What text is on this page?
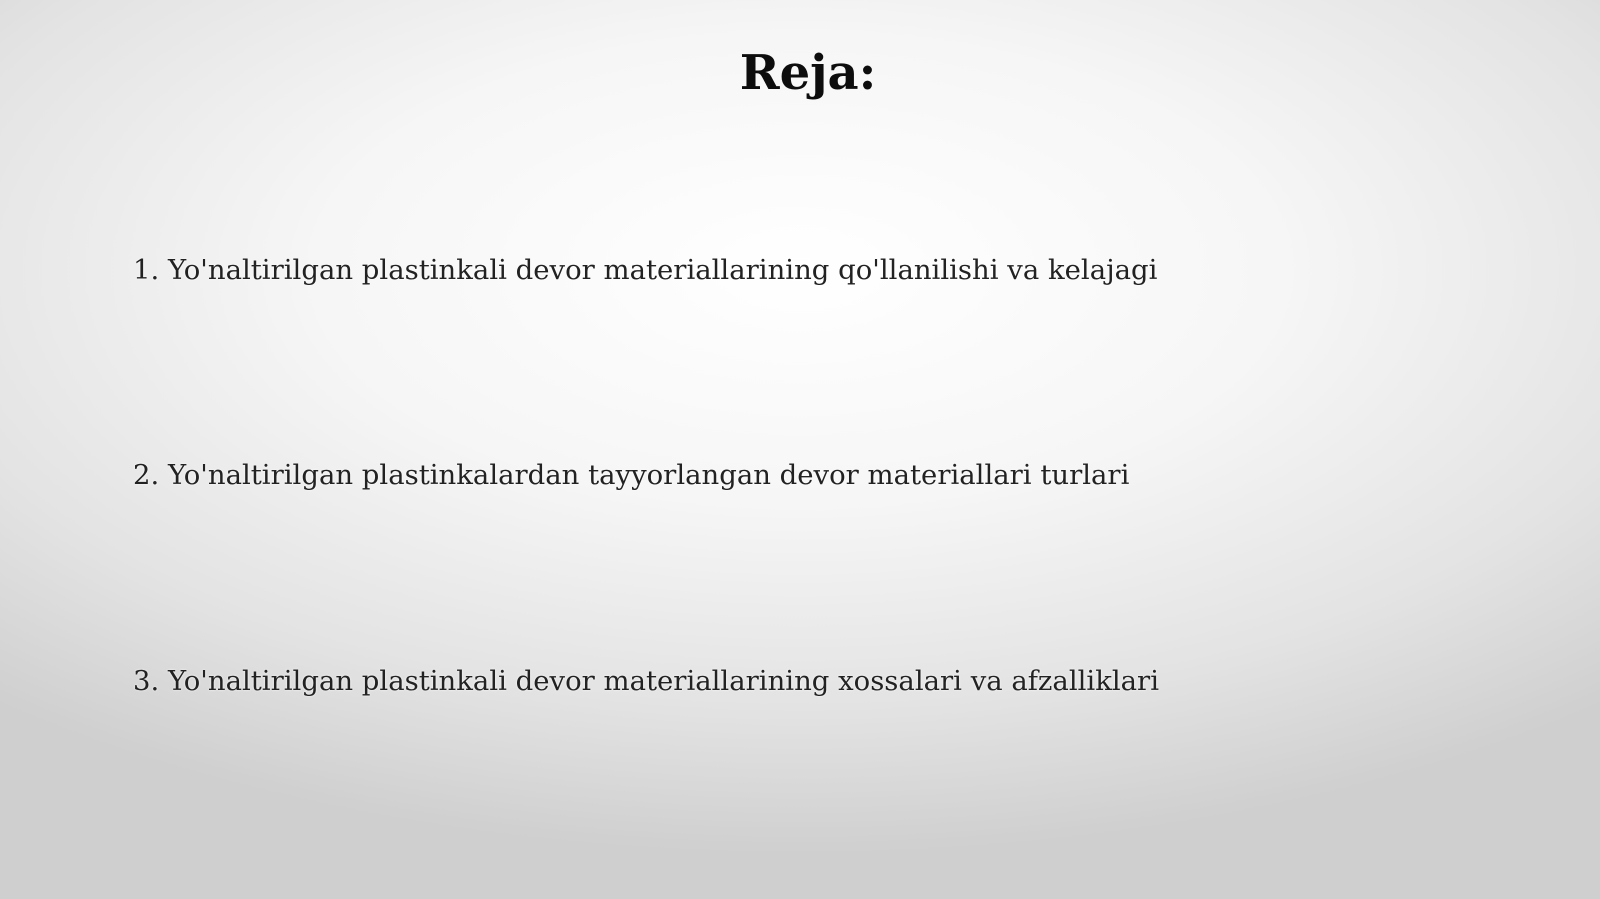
Reja:
1. Yo'naltirilgan plastinkali devor materiallarining qo'llanilishi va kelajagi
2. Yo'naltirilgan plastinkalardan tayyorlangan devor materiallari turlari
3. Yo'naltirilgan plastinkali devor materiallarining xossalari va afzalliklari
